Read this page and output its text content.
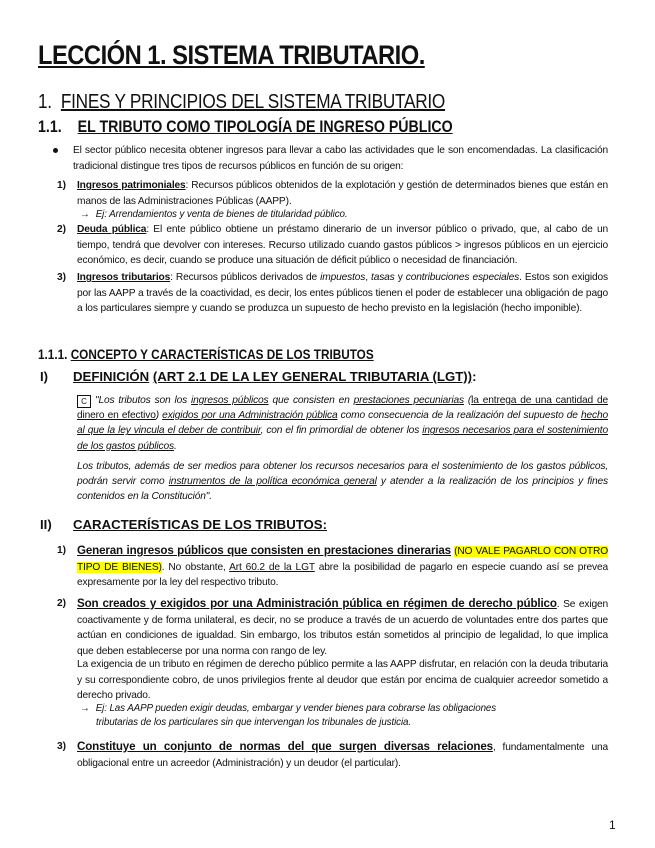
LECCIÓN 1. SISTEMA TRIBUTARIO.
1. FINES Y PRINCIPIOS DEL SISTEMA TRIBUTARIO
1.1. EL TRIBUTO COMO TIPOLOGÍA DE INGRESO PÚBLICO
El sector público necesita obtener ingresos para llevar a cabo las actividades que le son encomendadas. La clasificación tradicional distingue tres tipos de recursos públicos en función de su origen:
1) Ingresos patrimoniales: Recursos públicos obtenidos de la explotación y gestión de determinados bienes que están en manos de las Administraciones Públicas (AAPP).
→ Ej: Arrendamientos y venta de bienes de titularidad público.
2) Deuda pública: El ente público obtiene un préstamo dinerario de un inversor público o privado, que, al cabo de un tiempo, tendrá que devolver con intereses. Recurso utilizado cuando gastos públicos > ingresos públicos en un ejercicio económico, es decir, cuando se produce una situación de déficit público o necesidad de financiación.
3) Ingresos tributarios: Recursos públicos derivados de impuestos, tasas y contribuciones especiales. Estos son exigidos por las AAPP a través de la coactividad, es decir, los entes públicos tienen el poder de establecer una obligación de pago a los particulares siempre y cuando se produzca un supuesto de hecho previsto en la legislación (hecho imponible).
1.1.1. CONCEPTO Y CARACTERÍSTICAS DE LOS TRIBUTOS
I) DEFINICIÓN (ART 2.1 DE LA LEY GENERAL TRIBUTARIA (LGT)):
C "Los tributos son los ingresos públicos que consisten en prestaciones pecuniarias (la entrega de una cantidad de dinero en efectivo) exigidos por una Administración pública como consecuencia de la realización del supuesto de hecho al que la ley vincula el deber de contribuir, con el fin primordial de obtener los ingresos necesarios para el sostenimiento de los gastos públicos.
Los tributos, además de ser medios para obtener los recursos necesarios para el sostenimiento de los gastos públicos, podrán servir como instrumentos de la política económica general y atender a la realización de los principios y fines contenidos en la Constitución".
II) CARACTERÍSTICAS DE LOS TRIBUTOS:
1) Generan ingresos públicos que consisten en prestaciones dinerarias (NO VALE PAGARLO CON OTRO TIPO DE BIENES). No obstante, Art 60.2 de la LGT abre la posibilidad de pagarlo en especie cuando así se prevea expresamente por la ley del respectivo tributo.
2) Son creados y exigidos por una Administración pública en régimen de derecho público. Se exigen coactivamente y de forma unilateral, es decir, no se produce a través de un acuerdo de voluntades entre dos partes que actúan en condiciones de igualdad. Sin embargo, los tributos están sometidos al principio de legalidad, lo que implica que deben establecerse por una norma con rango de ley.
La exigencia de un tributo en régimen de derecho público permite a las AAPP disfrutar, en relación con la deuda tributaria y su correspondiente cobro, de unos privilegios frente al deudor que están por encima de cualquier acreedor sometido a derecho privado.
→ Ej: Las AAPP pueden exigir deudas, embargar y vender bienes para cobrarse las obligaciones
tributarias de los particulares sin que intervengan los tribunales de justicia.
3) Constituye un conjunto de normas del que surgen diversas relaciones, fundamentalmente una obligacional entre un acreedor (Administración) y un deudor (el particular).
1
